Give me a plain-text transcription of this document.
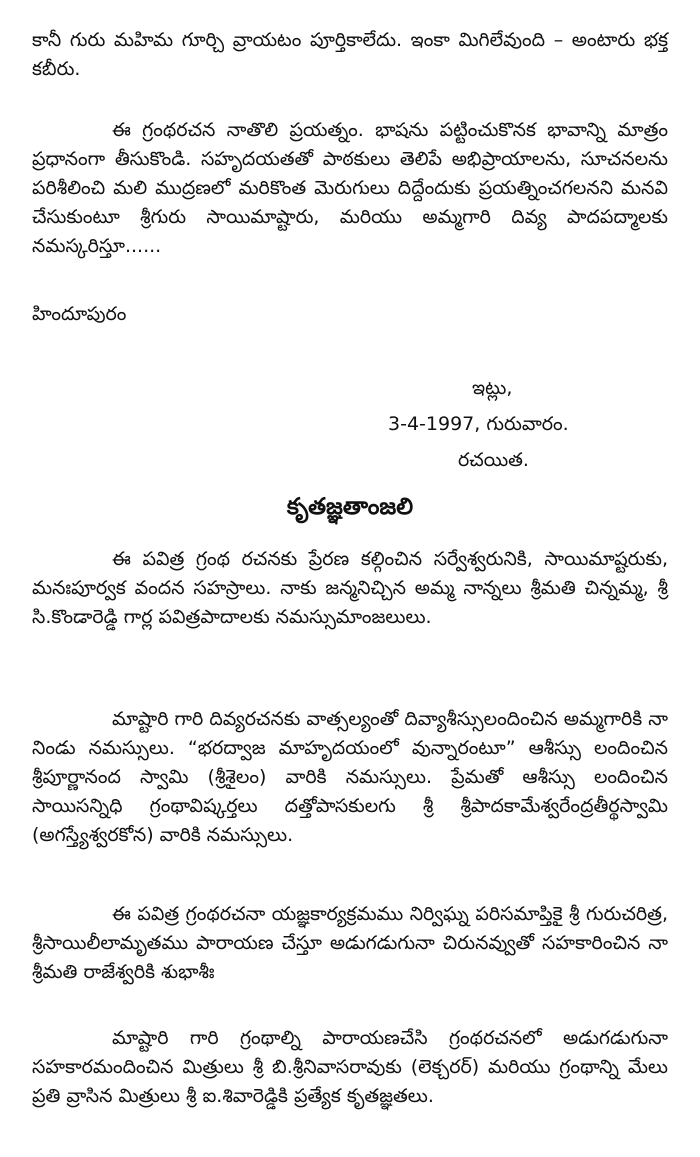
కానీ గురు మహిమ గూర్చి వ్రాయటం పూర్తికాలేదు. ఇంకా మిగిలేవుంది – అంటారు భక్త కబీరు.

ఈ గ్రంథరచన నాతొలి ప్రయత్నం. భాషను పట్టించుకొనక భావాన్ని మాత్రం ప్రధానంగా తీసుకొండి. సహృదయతతో పాఠకులు తెలిపే అభిప్రాయాలను, సూచనలను పరిశీలించి మలి ముద్రణలో మరికొంత మెరుగులు దిద్దేందుకు ప్రయత్నించగలనని మనవి చేసుకుంటూ శ్రీగురు సాయిమాష్టారు, మరియు అమ్మగారి దివ్య పాదపద్మాలకు నమస్కరిస్తూ......

హిందూపురం

ఇట్లు,

3-4-1997, గురువారం.

రచయిత.

కృతజ్ఞతాంజలి

ఈ పవిత్ర గ్రంథ రచనకు ప్రేరణ కల్గించిన సర్వేశ్వరునికి, సాయిమాష్టరుకు, మనఃపూర్వక వందన సహస్రాలు. నాకు జన్మనిచ్చిన అమ్మ నాన్నలు శ్రీమతి చిన్నమ్మ, శ్రీ సి.కొండారెడ్డి గార్ల పవిత్రపాదాలకు నమస్సుమాంజలులు.

మాష్టారి గారి దివ్యరచనకు వాత్సల్యంతో దివ్యాశీస్సులందించిన అమ్మగారికి నా నిండు నమస్సులు. “భరద్వాజ మాహృదయంలో వున్నారంటూ” ఆశీస్సు లందించిన శ్రీపూర్ణానంద స్వామి (శ్రీశైలం) వారికి నమస్సులు. ప్రేమతో ఆశీస్సు లందించిన సాయిసన్నిధి గ్రంథావిష్కర్తలు దత్తోపాసకులగు శ్రీ శ్రీపాదకామేశ్వరేంద్రతీర్థస్వామి (అగస్త్యేశ్వరకోన) వారికి నమస్సులు.

ఈ పవిత్ర గ్రంథరచనా యజ్ఞకార్యక్రమము నిర్విఘ్న పరిసమాప్తికై శ్రీ గురుచరిత్ర, శ్రీసాయిలీలామృతము పారాయణ చేస్తూ అడుగడుగునా చిరునవ్వుతో సహకారించిన నా శ్రీమతి రాజేశ్వరికి శుభాశీః

మాష్టారి గారి గ్రంథాల్ని పారాయణచేసి గ్రంథరచనలో అడుగడుగునా సహకారమందించిన మిత్రులు శ్రీ బి.శ్రీనివాసరావుకు (లెక్చరర్) మరియు గ్రంథాన్ని మేలు ప్రతి వ్రాసిన మిత్రులు శ్రీ ఐ.శివారెడ్డికి ప్రత్యేక కృతజ్ఞతలు.
